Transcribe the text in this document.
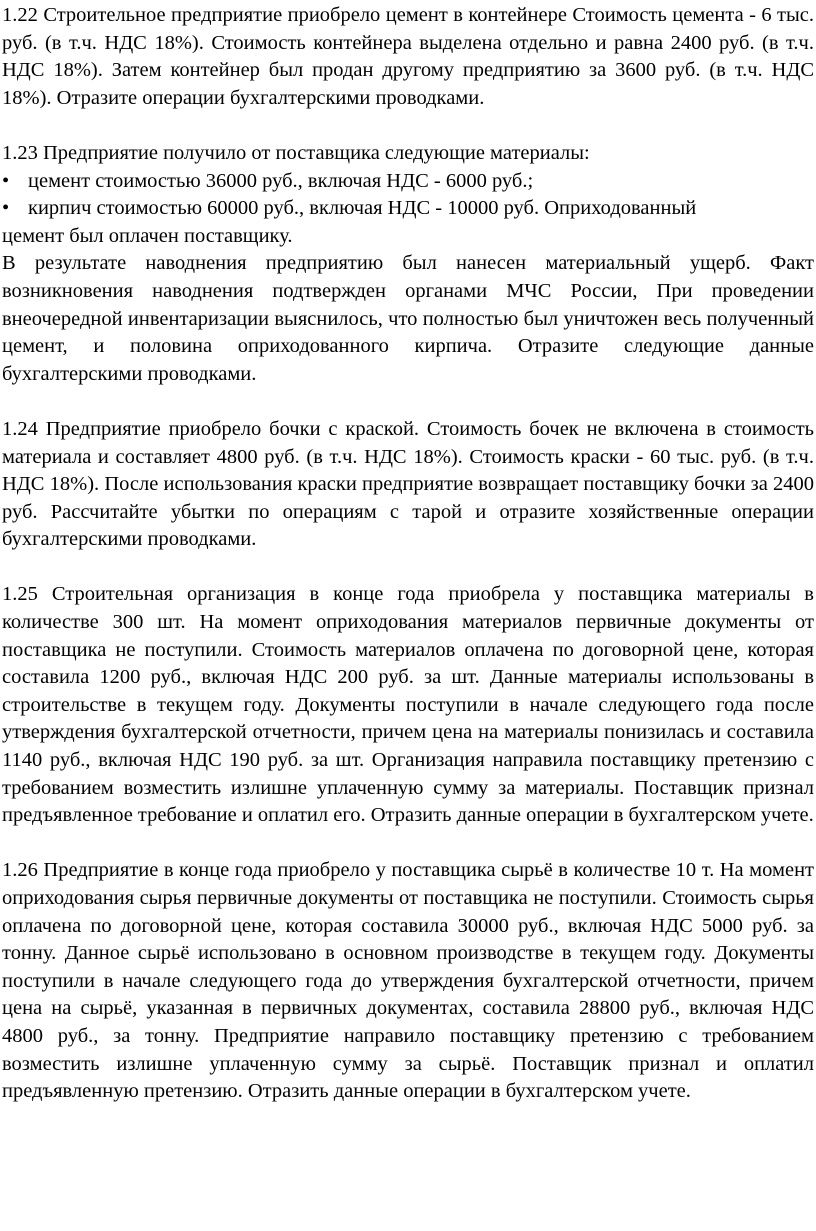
1.22 Строительное предприятие приобрело цемент в контейнере Стоимость цемента - 6 тыс. руб. (в т.ч. НДС 18%). Стоимость контейнера выделена отдельно и равна 2400 руб. (в т.ч. НДС 18%). Затем контейнер был продан другому предприятию за 3600 руб. (в т.ч. НДС 18%). Отразите операции бухгалтерскими проводками.

1.23 Предприятие получило от поставщика следующие материалы:

• цемент стоимостью 36000 руб., включая НДС - 6000 руб.;
• кирпич стоимостью 60000 руб., включая НДС - 10000 руб. Оприходованный

цемент был оплачен поставщику.

В результате наводнения предприятию был нанесен материальный ущерб. Факт возникновения наводнения подтвержден органами МЧС России, При проведении внеочередной инвентаризации выяснилось, что полностью был уничтожен весь полученный цемент, и половина оприходованного кирпича. Отразите следующие данные бухгалтерскими проводками.

1.24 Предприятие приобрело бочки с краской. Стоимость бочек не включена в стоимость материала и составляет 4800 руб. (в т.ч. НДС 18%). Стоимость краски - 60 тыс. руб. (в т.ч. НДС 18%). После использования краски предприятие возвращает поставщику бочки за 2400 руб. Рассчитайте убытки по операциям с тарой и отразите хозяйственные операции бухгалтерскими проводками.

1.25 Строительная организация в конце года приобрела у поставщика материалы в количестве 300 шт. На момент оприходования материалов первичные документы от поставщика не поступили. Стоимость материалов оплачена по договорной цене, которая составила 1200 руб., включая НДС 200 руб. за шт. Данные материалы использованы в строительстве в текущем году. Документы поступили в начале следующего года после утверждения бухгалтерской отчетности, причем цена на материалы понизилась и составила 1140 руб., включая НДС 190 руб. за шт. Организация направила поставщику претензию с требованием возместить излишне уплаченную сумму за материалы. Поставщик признал предъявленное требование и оплатил его. Отразить данные операции в бухгалтерском учете.

1.26 Предприятие в конце года приобрело у поставщика сырьё в количестве 10 т. На момент оприходования сырья первичные документы от поставщика не поступили. Стоимость сырья оплачена по договорной цене, которая составила 30000 руб., включая НДС 5000 руб. за тонну. Данное сырьё использовано в основном производстве в текущем году. Документы поступили в начале следующего года до утверждения бухгалтерской отчетности, причем цена на сырьё, указанная в первичных документах, составила 28800 руб., включая НДС 4800 руб., за тонну. Предприятие направило поставщику претензию с требованием возместить излишне уплаченную сумму за сырьё. Поставщик признал и оплатил предъявленную претензию. Отразить данные операции в бухгалтерском учете.
